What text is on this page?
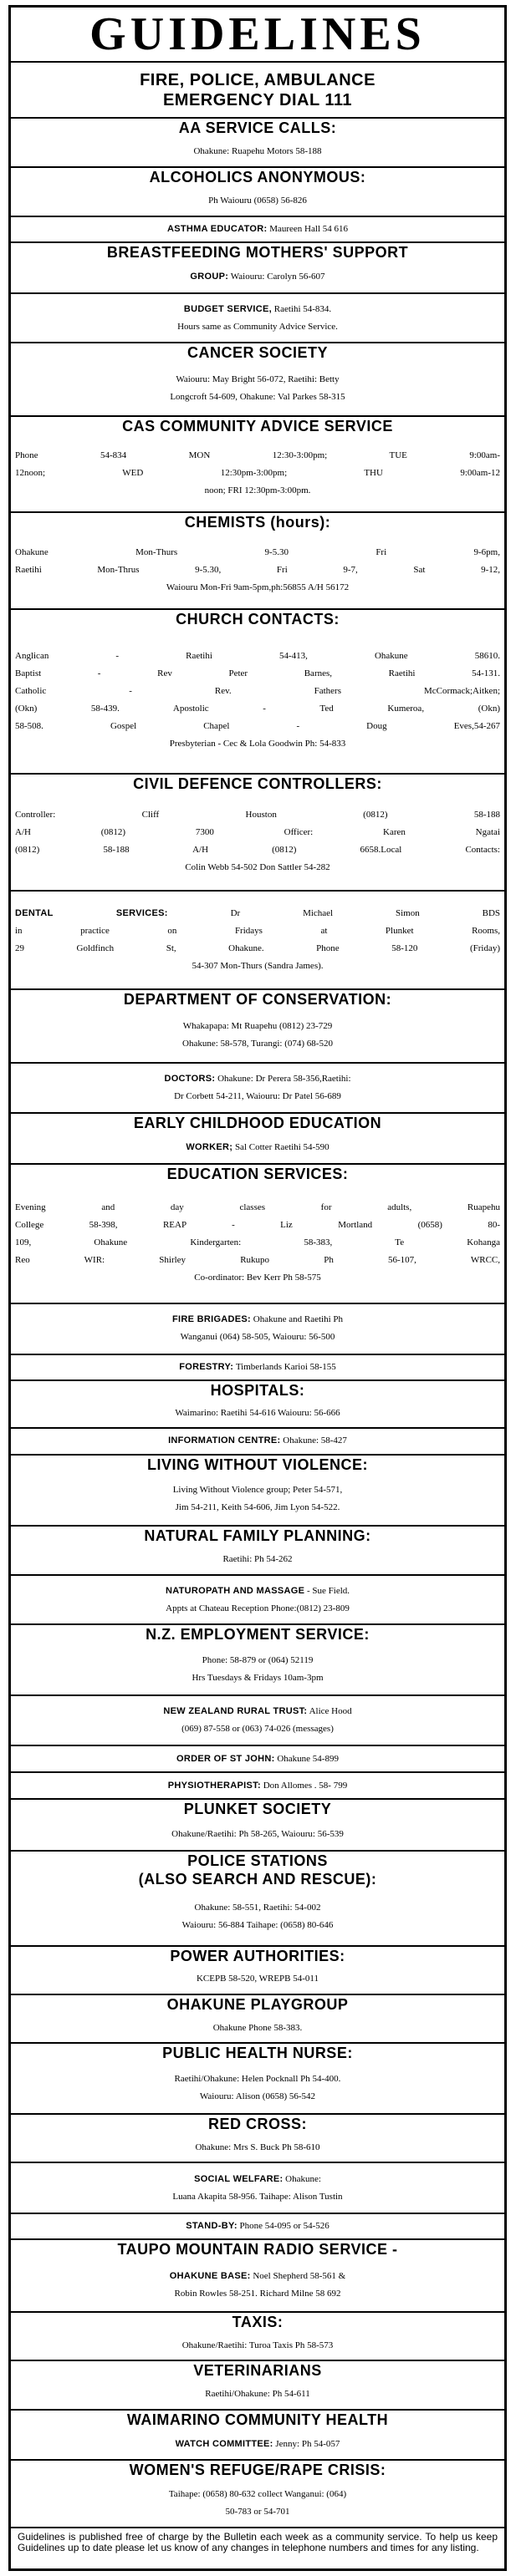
GUIDELINES
FIRE, POLICE, AMBULANCE
EMERGENCY DIAL 111
AA SERVICE CALLS:
Ohakune: Ruapehu Motors 58-188
ALCOHOLICS ANONYMOUS:
Ph Waiouru (0658) 56-826
ASTHMA EDUCATOR: Maureen Hall 54 616
BREASTFEEDING MOTHERS' SUPPORT
GROUP: Waiouru: Carolyn 56-607
BUDGET SERVICE, Raetihi 54-834.
Hours same as Community Advice Service.
CANCER SOCIETY
Waiouru: May Bright 56-072, Raetihi: Betty
Longcroft 54-609, Ohakune: Val Parkes 58-315
CAS COMMUNITY ADVICE SERVICE
Phone 54-834 MON 12:30-3:00pm; TUE 9:00am-
12noon; WED 12:30pm-3:00pm; THU 9:00am-12
noon; FRI 12:30pm-3:00pm.
CHEMISTS (hours):
Ohakune Mon-Thurs 9-5.30 Fri 9-6pm,
Raetihi Mon-Thrus 9-5.30, Fri 9-7, Sat 9-12,
Waiouru Mon-Fri 9am-5pm,ph:56855 A/H 56172
CHURCH CONTACTS:
Anglican - Raetihi 54-413, Ohakune 58610.
Baptist - Rev Peter Barnes, Raetihi 54-131.
Catholic - Rev. Fathers McCormack;Aitken;
(Okn) 58-439. Apostolic - Ted Kumeroa, (Okn)
58-508. Gospel Chapel - Doug Eves,54-267
Presbyterian - Cec & Lola Goodwin Ph: 54-833
CIVIL DEFENCE CONTROLLERS:
Controller: Cliff Houston (0812) 58-188
A/H (0812) 7300 Officer: Karen Ngatai
(0812) 58-188 A/H (0812) 6658.Local Contacts:
Colin Webb 54-502 Don Sattler 54-282
DENTAL SERVICES:	Dr Michael Simon BDS
in practice on Fridays at Plunket Rooms,
29 Goldfinch St, Ohakune. Phone 58-120 (Friday)
54-307 Mon-Thurs (Sandra James).
DEPARTMENT OF CONSERVATION:
Whakapapa: Mt Ruapehu (0812) 23-729
Ohakune: 58-578, Turangi: (074) 68-520
DOCTORS: Ohakune: Dr Perera 58-356,Raetihi:
Dr Corbett 54-211, Waiouru: Dr Patel 56-689
EARLY CHILDHOOD EDUCATION
WORKER; Sal Cotter Raetihi 54-590
EDUCATION SERVICES:
Evening and day classes for adults, Ruapehu
College 58-398, REAP - Liz Mortland (0658) 80-
109, Ohakune Kindergarten: 58-383, Te Kohanga
Reo WIR: Shirley Rukupo Ph 56-107, WRCC,
Co-ordinator: Bev Kerr Ph 58-575
FIRE BRIGADES: Ohakune and Raetihi Ph
Wanganui (064) 58-505, Waiouru: 56-500
FORESTRY: Timberlands Karioi 58-155
HOSPITALS:
Waimarino: Raetihi 54-616 Waiouru: 56-666
INFORMATION CENTRE: Ohakune: 58-427
LIVING WITHOUT VIOLENCE:
Living Without Violence group; Peter 54-571,
Jim 54-211, Keith 54-606, Jim Lyon 54-522.
NATURAL FAMILY PLANNING:
Raetihi: Ph 54-262
NATUROPATH AND MASSAGE - Sue Field.
Appts at Chateau Reception Phone:(0812) 23-809
N.Z. EMPLOYMENT SERVICE:
Phone: 58-879 or (064) 52119
Hrs Tuesdays & Fridays 10am-3pm
NEW ZEALAND RURAL TRUST: Alice Hood
(069) 87-558 or (063) 74-026 (messages)
ORDER OF ST JOHN: Ohakune 54-899
PHYSIOTHERAPIST: Don Allomes . 58- 799
PLUNKET SOCIETY
Ohakune/Raetihi: Ph 58-265, Waiouru: 56-539
POLICE STATIONS
(ALSO SEARCH AND RESCUE):
Ohakune: 58-551, Raetihi: 54-002
Waiouru: 56-884 Taihape: (0658) 80-646
POWER AUTHORITIES:
KCEPB 58-520, WREPB 54-011
OHAKUNE PLAYGROUP
Ohakune Phone 58-383.
PUBLIC HEALTH NURSE:
Raetihi/Ohakune: Helen Pocknall Ph 54-400.
Waiouru: Alison (0658) 56-542
RED CROSS:
Ohakune: Mrs S. Buck Ph 58-610
SOCIAL WELFARE: Ohakune:
Luana Akapita 58-956. Taihape: Alison Tustin
STAND-BY: Phone 54-095 or 54-526
TAUPO MOUNTAIN RADIO SERVICE -
OHAKUNE BASE: Noel Shepherd 58-561 &
Robin Rowles 58-251. Richard Milne 58 692
TAXIS:
Ohakune/Raetihi: Turoa Taxis Ph 58-573
VETERINARIANS
Raetihi/Ohakune: Ph 54-611
WAIMARINO COMMUNITY HEALTH
WATCH COMMITTEE: Jenny: Ph 54-057
WOMEN'S REFUGE/RAPE CRISIS:
Taihape: (0658) 80-632 collect Wanganui: (064)
50-783 or 54-701
Guidelines is published free of charge by the Bulletin each week as a community service. To help us keep Guidelines up to date please let us know of any changes in telephone numbers and times for any listing.
